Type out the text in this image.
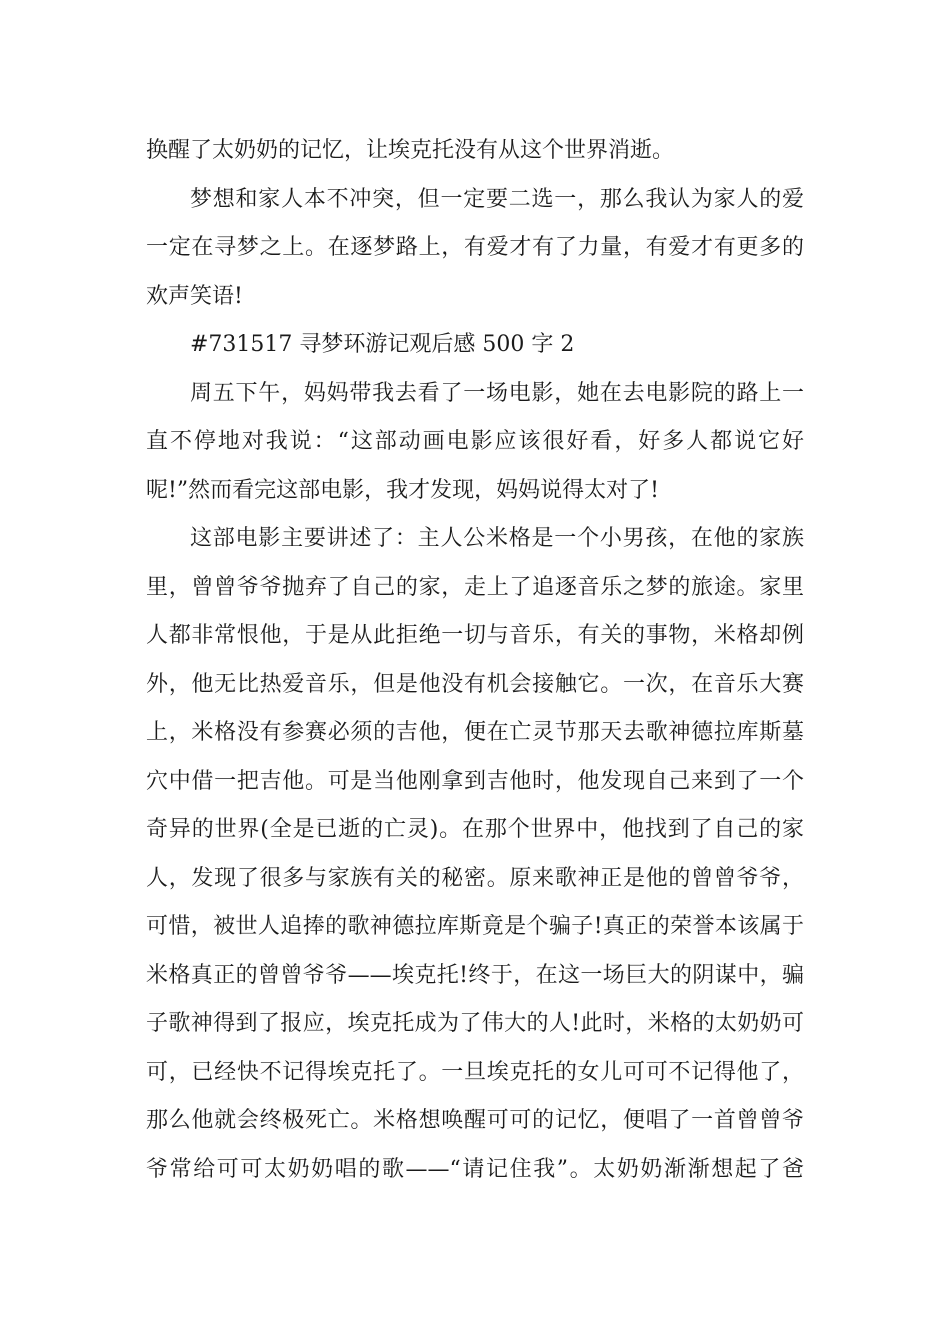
换醒了太奶奶的记忆，让埃克托没有从这个世界消逝。
梦想和家人本不冲突，但一定要二选一，那么我认为家人的爱
一定在寻梦之上。在逐梦路上，有爱才有了力量，有爱才有更多的
欢声笑语!
#731517 寻梦环游记观后感 500 字 2
周五下午，妈妈带我去看了一场电影，她在去电影院的路上一
直不停地对我说：“这部动画电影应该很好看，好多人都说它好
呢!”然而看完这部电影，我才发现，妈妈说得太对了!
这部电影主要讲述了：主人公米格是一个小男孩，在他的家族
里，曾曾爷爷抛弃了自己的家，走上了追逐音乐之梦的旅途。家里
人都非常恨他，于是从此拒绝一切与音乐，有关的事物，米格却例
外，他无比热爱音乐，但是他没有机会接触它。一次，在音乐大赛
上，米格没有参赛必须的吉他，便在亡灵节那天去歌神德拉库斯墓
穴中借一把吉他。可是当他刚拿到吉他时，他发现自己来到了一个
奇异的世界(全是已逝的亡灵)。在那个世界中，他找到了自己的家
人，发现了很多与家族有关的秘密。原来歌神正是他的曾曾爷爷，
可惜，被世人追捧的歌神德拉库斯竟是个骗子!真正的荣誉本该属于
米格真正的曾曾爷爷——埃克托!终于，在这一场巨大的阴谋中，骗
子歌神得到了报应，埃克托成为了伟大的人!此时，米格的太奶奶可
可，已经快不记得埃克托了。一旦埃克托的女儿可可不记得他了，
那么他就会终极死亡。米格想唤醒可可的记忆，便唱了一首曾曾爷
爷常给可可太奶奶唱的歌——“请记住我”。太奶奶渐渐想起了爸
